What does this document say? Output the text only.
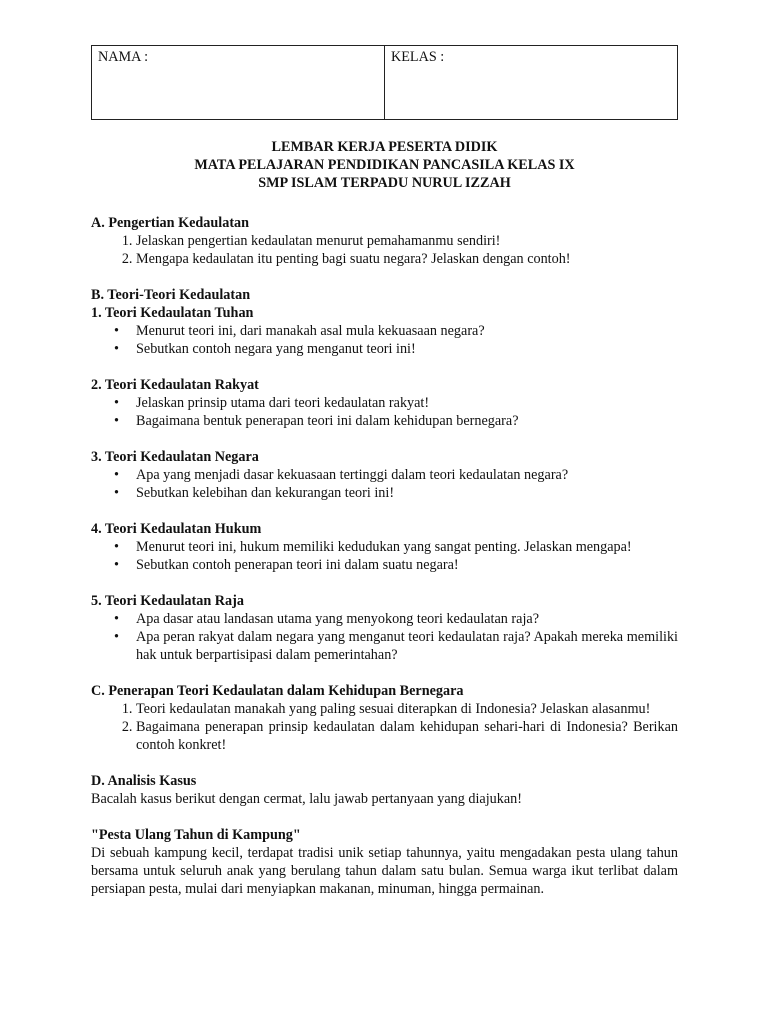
NAMA :	KELAS :
LEMBAR KERJA PESERTA DIDIK
MATA PELAJARAN PENDIDIKAN PANCASILA KELAS IX
SMP ISLAM TERPADU NURUL IZZAH
A. Pengertian Kedaulatan
1. Jelaskan pengertian kedaulatan menurut pemahamanmu sendiri!
2. Mengapa kedaulatan itu penting bagi suatu negara? Jelaskan dengan contoh!
B. Teori-Teori Kedaulatan
1. Teori Kedaulatan Tuhan
• Menurut teori ini, dari manakah asal mula kekuasaan negara?
• Sebutkan contoh negara yang menganut teori ini!
2. Teori Kedaulatan Rakyat
• Jelaskan prinsip utama dari teori kedaulatan rakyat!
• Bagaimana bentuk penerapan teori ini dalam kehidupan bernegara?
3. Teori Kedaulatan Negara
• Apa yang menjadi dasar kekuasaan tertinggi dalam teori kedaulatan negara?
• Sebutkan kelebihan dan kekurangan teori ini!
4. Teori Kedaulatan Hukum
• Menurut teori ini, hukum memiliki kedudukan yang sangat penting. Jelaskan mengapa!
• Sebutkan contoh penerapan teori ini dalam suatu negara!
5. Teori Kedaulatan Raja
• Apa dasar atau landasan utama yang menyokong teori kedaulatan raja?
• Apa peran rakyat dalam negara yang menganut teori kedaulatan raja? Apakah mereka memiliki hak untuk berpartisipasi dalam pemerintahan?
C. Penerapan Teori Kedaulatan dalam Kehidupan Bernegara
1. Teori kedaulatan manakah yang paling sesuai diterapkan di Indonesia? Jelaskan alasanmu!
2. Bagaimana penerapan prinsip kedaulatan dalam kehidupan sehari-hari di Indonesia? Berikan contoh konkret!
D. Analisis Kasus

Bacalah kasus berikut dengan cermat, lalu jawab pertanyaan yang diajukan!

"Pesta Ulang Tahun di Kampung"

Di sebuah kampung kecil, terdapat tradisi unik setiap tahunnya, yaitu mengadakan pesta ulang tahun bersama untuk seluruh anak yang berulang tahun dalam satu bulan. Semua warga ikut terlibat dalam persiapan pesta, mulai dari menyiapkan makanan, minuman, hingga permainan.
